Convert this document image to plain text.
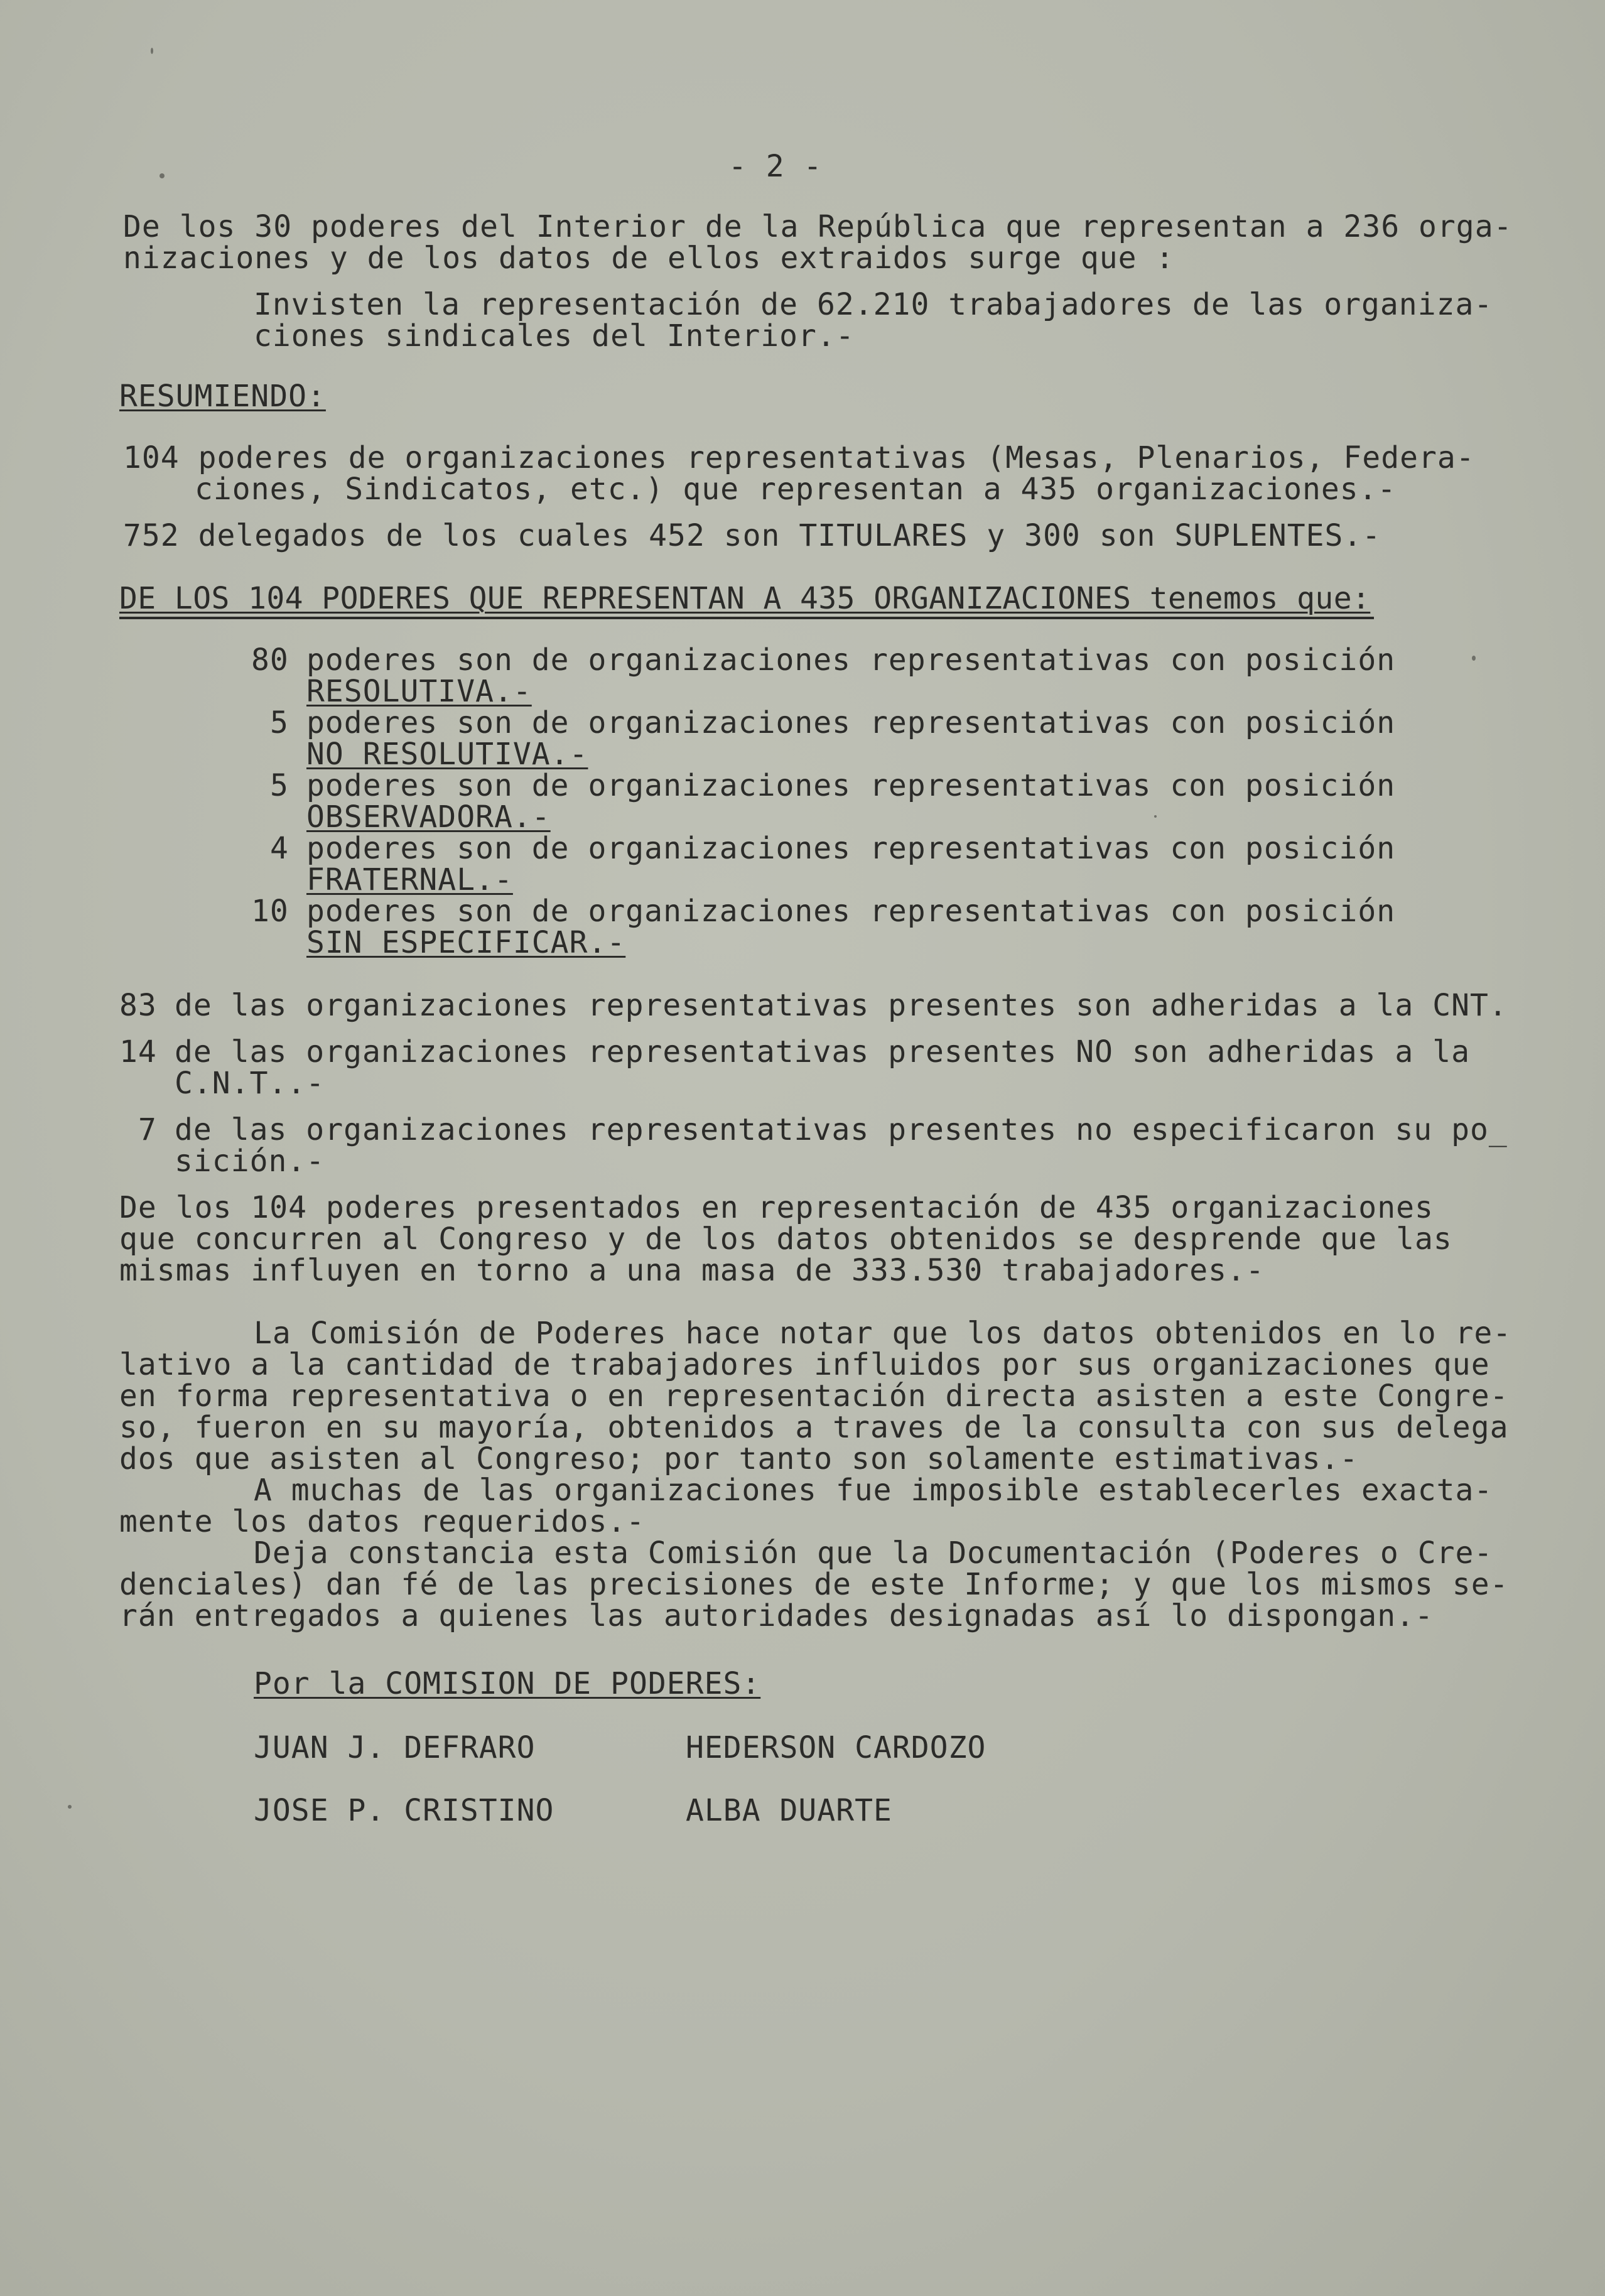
- 2 -
De los 30 poderes del Interior de la República que representan a 236 orga-
nizaciones y de los datos de ellos extraidos surge que :
Invisten la representación de 62.210 trabajadores de las organiza-
ciones sindicales del Interior.-
RESUMIENDO:
104 poderes de organizaciones representativas (Mesas, Plenarios, Federa-
ciones, Sindicatos, etc.) que representan a 435 organizaciones.-
752 delegados de los cuales 452 son TITULARES y 300 son SUPLENTES.-
DE LOS 104 PODERES QUE REPRESENTAN A 435 ORGANIZACIONES tenemos que:
80 poderes son de organizaciones representativas con posición
RESOLUTIVA.-
5 poderes son de organizaciones representativas con posición
NO RESOLUTIVA.-
5 poderes son de organizaciones representativas con posición
OBSERVADORA.-
4 poderes son de organizaciones representativas con posición
FRATERNAL.-
10 poderes son de organizaciones representativas con posición
SIN ESPECIFICAR.-
83 de las organizaciones representativas presentes son adheridas a la CNT.
14 de las organizaciones representativas presentes NO son adheridas a la
C.N.T..-
7 de las organizaciones representativas presentes no especificaron su po_
sición.-
De los 104 poderes presentados en representación de 435 organizaciones
que concurren al Congreso y de los datos obtenidos se desprende que las
mismas influyen en torno a una masa de 333.530 trabajadores.-
La Comisión de Poderes hace notar que los datos obtenidos en lo re-
lativo a la cantidad de trabajadores influidos por sus organizaciones que
en forma representativa o en representación directa asisten a este Congre-
so, fueron en su mayoría, obtenidos a traves de la consulta con sus delega
dos que asisten al Congreso; por tanto son solamente estimativas.-
A muchas de las organizaciones fue imposible establecerles exacta-
mente los datos requeridos.-
Deja constancia esta Comisión que la Documentación (Poderes o Cre-
denciales) dan fé de las precisiones de este Informe; y que los mismos se-
rán entregados a quienes las autoridades designadas así lo dispongan.-
Por la COMISION DE PODERES:
JUAN J. DEFRARO	HEDERSON CARDOZO
JOSE P. CRISTINO	ALBA DUARTE
